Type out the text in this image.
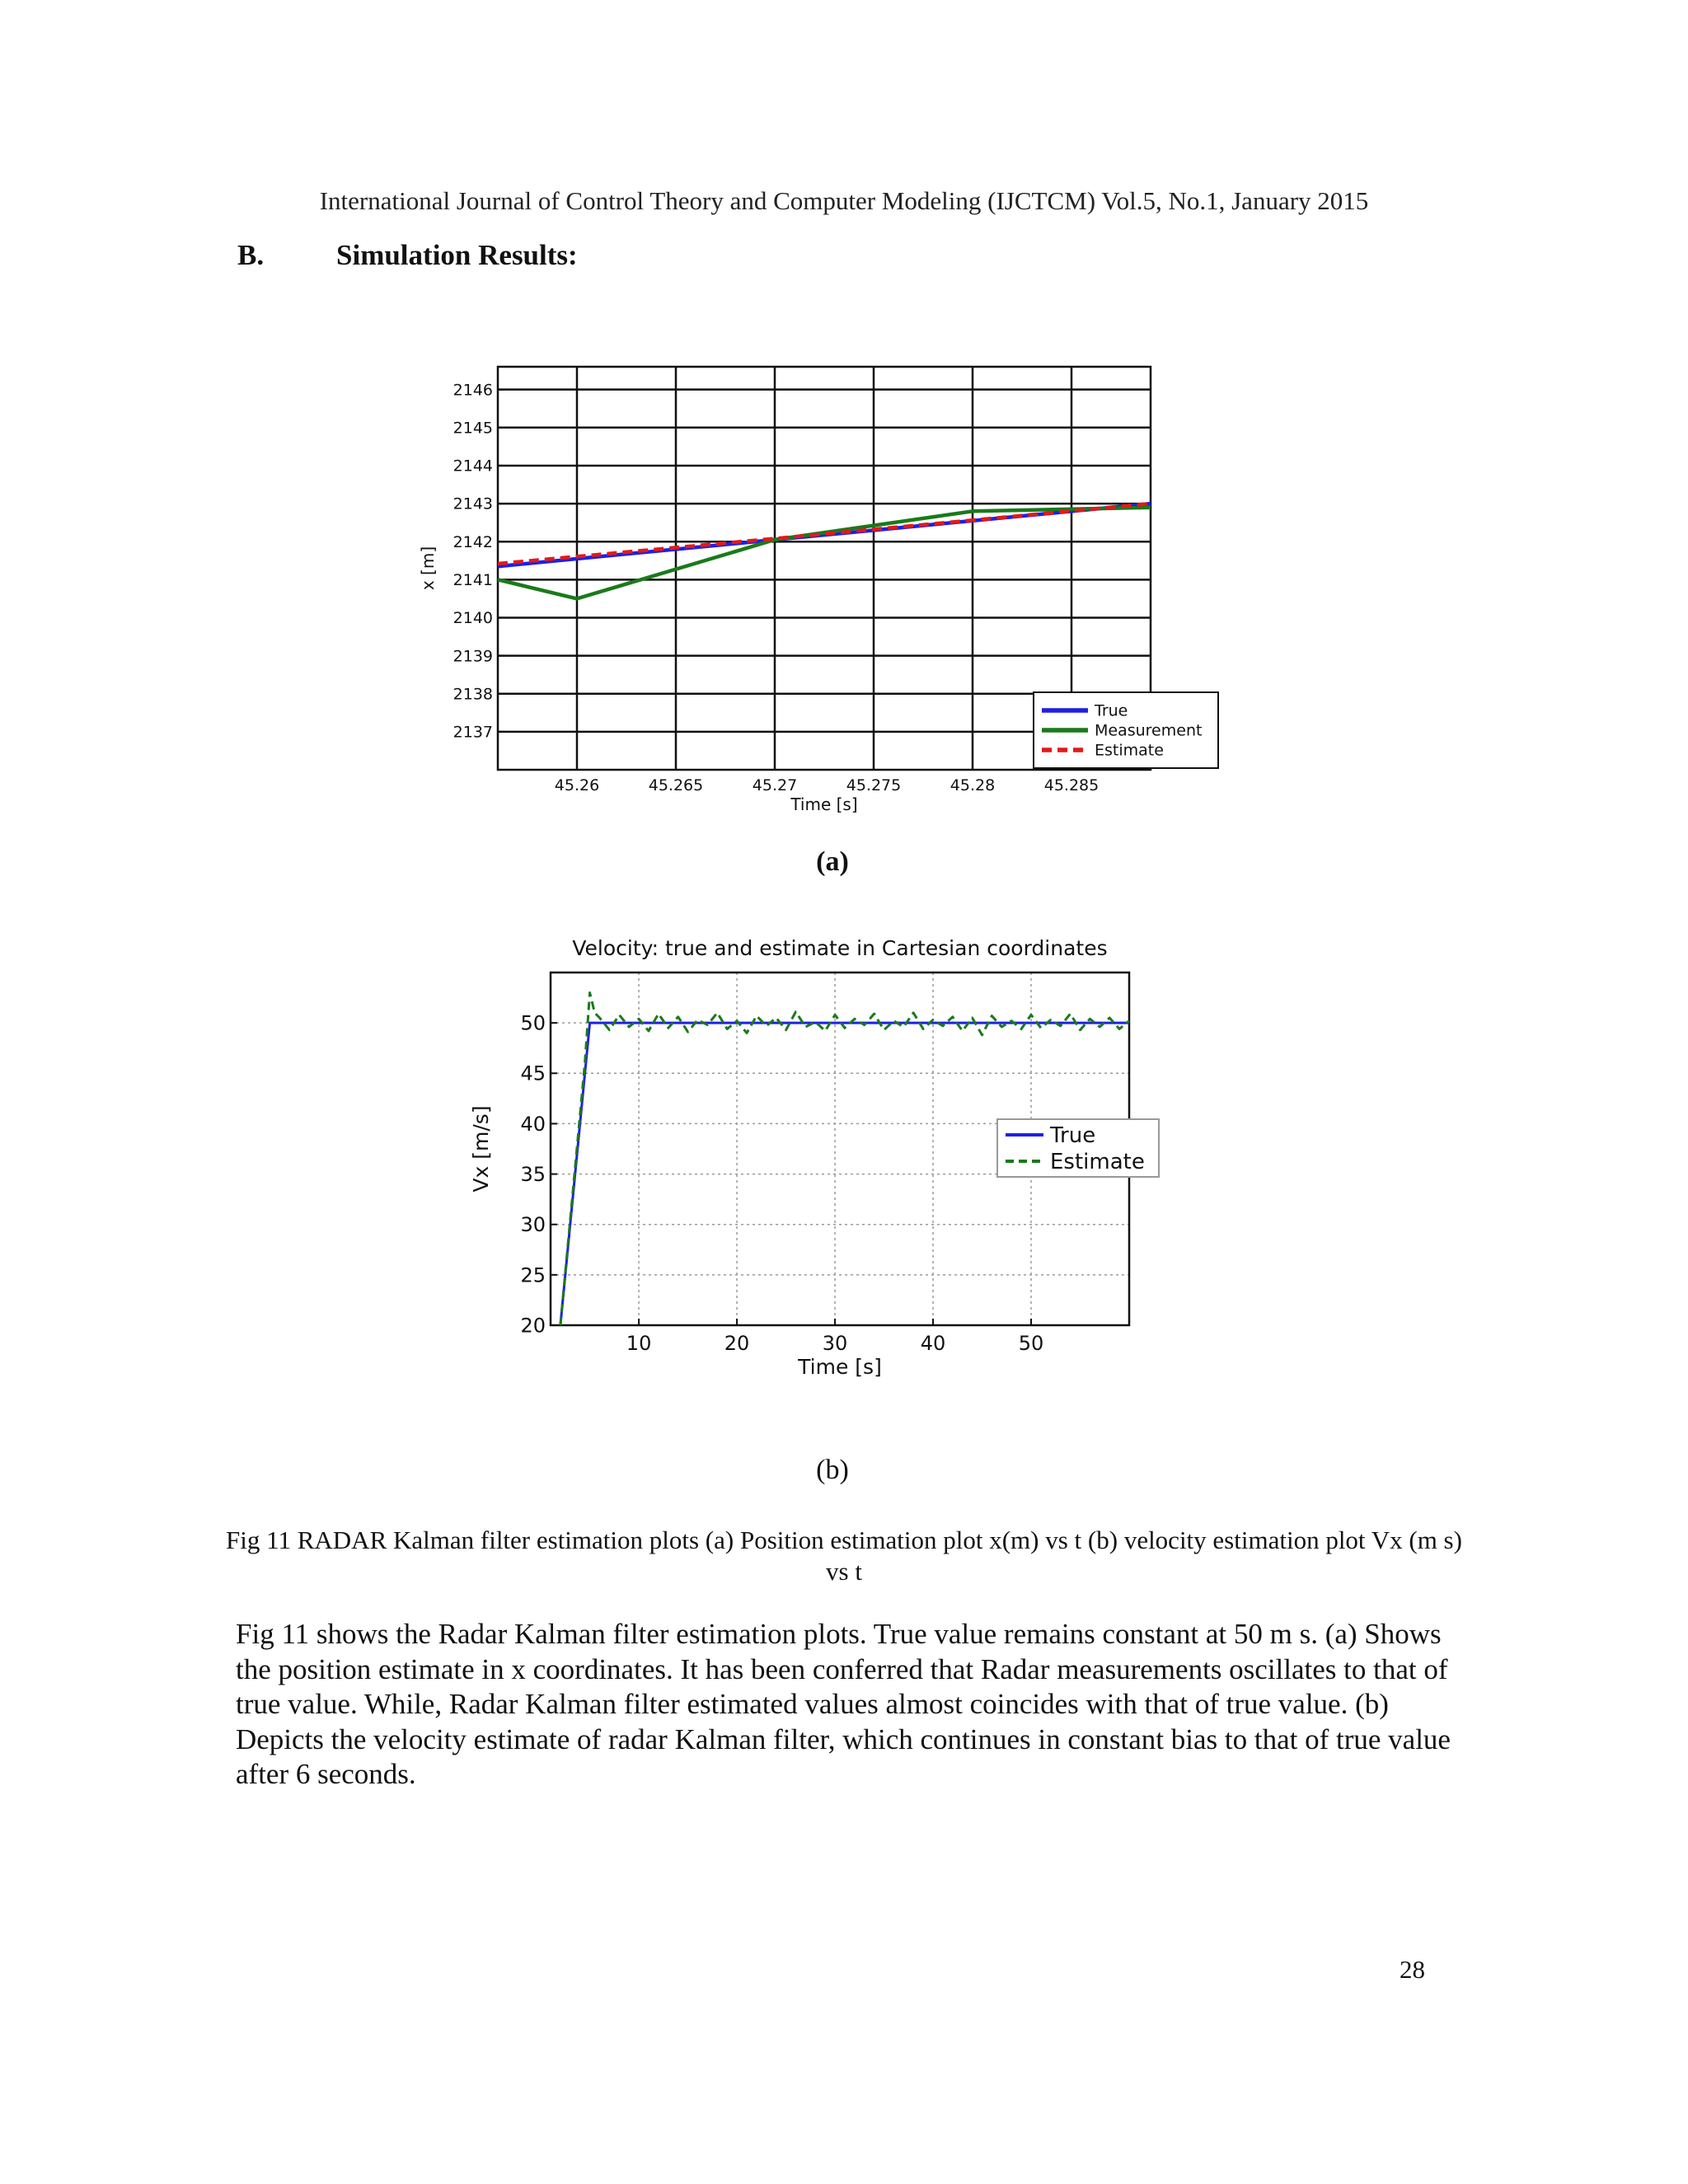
International Journal of Control Theory and Computer Modeling (IJCTCM) Vol.5, No.1, January 2015
B.	Simulation Results:
45.26	45.265	45.27	45.275	45.28	45.285
2137
2138
2139
2140
2141
2142
2143
2144
2145
2146
Time [s]
x [m]
True
Measurement
Estimate
(a)
Velocity: true and estimate in Cartesian coordinates
10	20	30	40	50
20
25
30
35
40
45
50
Time [s]
Vx [m/s]	True
Estimate
(b)
Fig 11 RADAR Kalman filter estimation plots (a) Position estimation plot x(m) vs t (b) velocity estimation plot Vx (m s) vs t
Fig 11 shows the Radar Kalman filter estimation plots. True value remains constant at 50 m s. (a) Shows the position estimate in x coordinates. It has been conferred that Radar measurements oscillates to that of true value. While, Radar Kalman filter estimated values almost coincides with that of true value. (b) Depicts the velocity estimate of radar Kalman filter, which continues in constant bias to that of true value after 6 seconds.
28
